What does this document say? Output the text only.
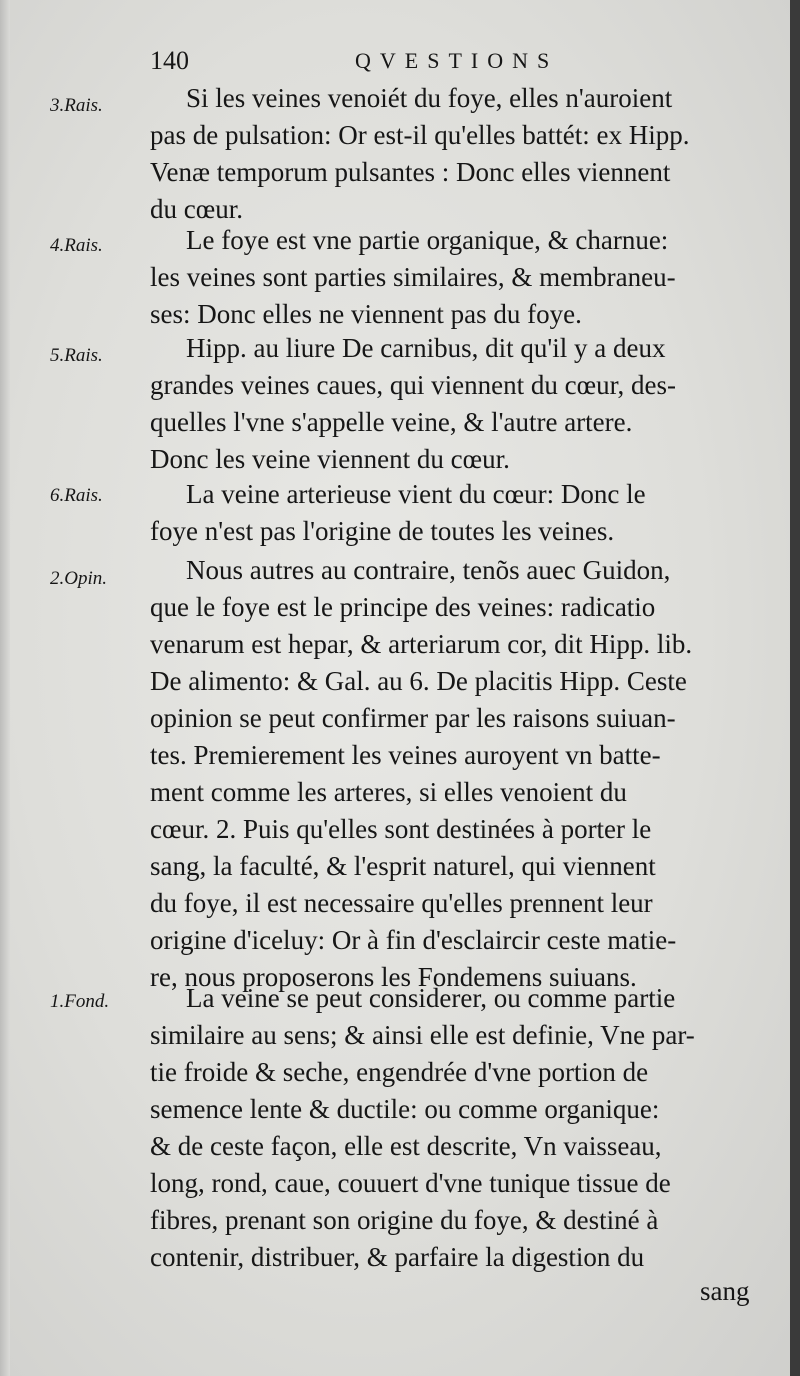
140	QVESTIONS
3.Rais.
4.Rais.
5.Rais.
6.Rais.
2.Opin.
1.Fond.
Si les veines venoiét du foye, elles n'auroient
pas de pulsation: Or est-il qu'elles battét: ex Hipp.
Venæ temporum pulsantes : Donc elles viennent
du cœur.
Le foye est vne partie organique, & charnue:
les veines sont parties similaires, & membraneu-
ses: Donc elles ne viennent pas du foye.
Hipp. au liure De carnibus, dit qu'il y a deux
grandes veines caues, qui viennent du cœur, des-
quelles l'vne s'appelle veine, & l'autre artere.
Donc les veine viennent du cœur.
La veine arterieuse vient du cœur: Donc le
foye n'est pas l'origine de toutes les veines.
Nous autres au contraire, tenõs auec Guidon,
que le foye est le principe des veines: radicatio
venarum est hepar, & arteriarum cor, dit Hipp. lib.
De alimento: & Gal. au 6. De placitis Hipp. Ceste
opinion se peut confirmer par les raisons suiuan-
tes. Premierement les veines auroyent vn batte-
ment comme les arteres, si elles venoient du
cœur. 2. Puis qu'elles sont destinées à porter le
sang, la faculté, & l'esprit naturel, qui viennent
du foye, il est necessaire qu'elles prennent leur
origine d'iceluy: Or à fin d'esclaircir ceste matie-
re, nous proposerons les Fondemens suiuans.
La veine se peut considerer, ou comme partie
similaire au sens; & ainsi elle est definie, Vne par-
tie froide & seche, engendrée d'vne portion de
semence lente & ductile: ou comme organique:
& de ceste façon, elle est descrite, Vn vaisseau,
long, rond, caue, couuert d'vne tunique tissue de
fibres, prenant son origine du foye, & destiné à
contenir, distribuer, & parfaire la digestion du
sang
